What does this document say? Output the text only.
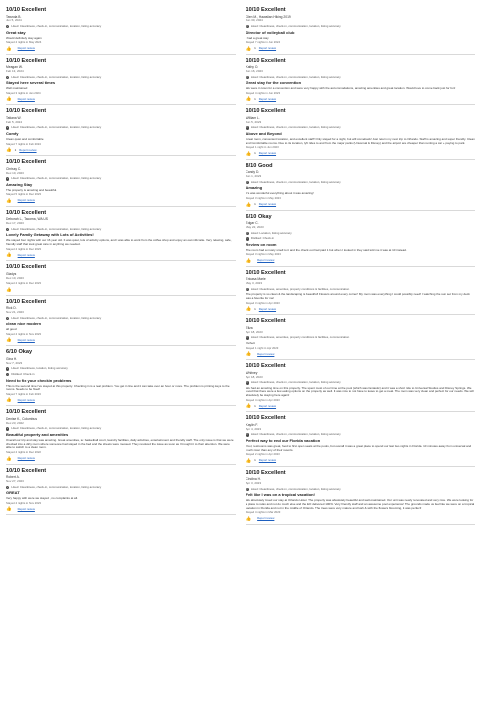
10/10 Excellent
Tawnda B.
Jun 5, 2024
✓ Liked: Cleanliness, check-in, communication, location, listing accuracy
Great stay
Would definitely stay again
Stayed 4 nights in May 2024
👍 Report review
10/10 Excellent
Meagan W.
Feb 13, 2024
✓ Liked: Cleanliness, check-in, communication, location, listing accuracy
Stayed here several times
Well maintained
Stayed 3 nights in Jan 2024
👍 Report review
10/10 Excellent
Tatiana W.
Feb 5, 2024
✓ Liked: Cleanliness, check-in, communication, location, listing accuracy
Comfy
Clean quiet and comfortable
Stayed 7 nights in Feb 2024
👍 1 Report review
10/10 Excellent
Chrissy C.
Dec 10, 2023
✓ Liked: Cleanliness, check-in, communication, location, listing accuracy
Amazing Stay
The property is amazing and beautiful.
Stayed 5 nights in Dec 2023
👍 Report review
10/10 Excellent
Deborah L., Tacoma, WA US
Dec 17, 2023
✓ Liked: Cleanliness, check-in, communication, location, listing accuracy
Lovely Family Getaway with Lots of Activities!
We stayed four nights with our 16 year old. It was quiet, lots of activity options, and I was able to work from the coffee shop and enjoy an oat milk latte. Very relaxing, safe, friendly staff that took great care in anything we needed.
Stayed 4 nights in Dec 2023
👍 Report review
10/10 Excellent
Gladys
Dec 10, 2023
Stayed 4 nights in Dec 2023
👍
10/10 Excellent
Rick D.
Nov 21, 2023
✓ Liked: Cleanliness, check-in, communication, location, listing accuracy
clean nice modern
all good
Stayed 4 nights in Nov 2023
👍 Report review
6/10 Okay
Gina H.
Nov 7, 2023
✓ Liked: Cleanliness, location, listing accuracy
−	Disliked: Check-in
Need to fix your checkin problems
This is the second time I've stayed at this property. Checking in is a real problem. You get in line and it can take over an hour or more. The problem is printing keys to the rooms. Needs to be fixed!
Stayed 7 nights in Feb 2023
👍 Report review
10/10 Excellent
Denise K., Columbus
Dec 23, 2022
✓ Liked: Cleanliness, check-in, communication, location, listing accuracy
Beautiful property and amenities
Overall our trip and stay was amazing. Great amenities, ie: basketball court, laundry facilities, daily activities, entertainment and friendly staff. The only issue is that we were checked into a dirty room where someone had stayed in the bed and the sheets were messed. They resolved the issue as soon as I brought it to their attention. We were able to switch to a clean room.
Stayed 4 nights in Dec 2022
👍 Report review
10/10 Excellent
Robert A.
Nov 27, 2023
✓ Liked: Cleanliness, check-in, communication, location, listing accuracy
GREAT
Very happy with were we stayed , no complaints at all.
Stayed 4 nights in Nov 2023
👍 Report review
10/10 Excellent
Glen M., Hawaiian Hiking 2019
Jun 30, 2024
✓ Liked: Cleanliness, check-in, communication, location, listing accuracy
Director of volleyball club
I had a great stay
Stayed 7 nights in Jun 2024
👍 1 Report review
10/10 Excellent
Kathy O.
Jun 16, 2023
✓ Liked: Cleanliness, check-in, communication, location, listing accuracy
Great stay for the convention
We were in town for a convention and were very happy with the accommodations, amazing amenities and great location. Would love to come back just for fun!
Stayed 4 nights in Jun 2023
👍 1 Report review
10/10 Excellent
William L.
Jun 5, 2023
✓ Liked: Cleanliness, check-in, communication, location, listing accuracy
Above and Beyond
Great room, convenient location, and excellent staff! Only stayed for a night, but will comeback! Just return my next trip to Orlando. Staff is amazing and super friendly. Clean and Comfortable rooms. Due to its location, lyft rides to and from the major parks (Universal & Disney) and the airport are cheaper than renting a car + paying to park.
Stayed 1 night in Jun 2023
👍 1 Report review
8/10 Good
Candy D.
Jun 1, 2023
✓ Liked: Cleanliness, check-in, communication, location, listing accuracy
Amazing
It's was wonderful everything about it was amazing!
Stayed 3 nights in May 2023
👍 1 Report review
6/10 Okay
Edgar C.
May 22, 2023
✓ Liked: Location, listing accuracy
−	Disliked: Check-in
Review on room
The room had a musty smell to it and the check out had paid 1 but when I looked in they said told me it was at 10 instead.
Stayed 3 nights in May 2023
👍 Report review
10/10 Excellent
Ericasa Marie
May 3, 2023
✓ Liked: Cleanliness, amenities, property conditions & facilities, communication
The property is so clean & the landscaping is beautiful! Flowers around every corner! My room was everything I could possibly need! I watching the sun set from my deck was a favorite for me!
Stayed 3 nights in Apr 2023
👍 1 Report review
10/10 Excellent
Eliza
Apr 18, 2023
✓ Liked: Cleanliness, amenities, property conditions & facilities, communication
Perfect
Stayed 1 night in Apr 2023
👍 Report review
10/10 Excellent
Whitney
Apr 18, 2023
✓ Liked: Cleanliness, check-in, communication, location, listing accuracy
We had an amazing time on this property. The spent most of our time at the pool (which was fantastic) and it was a short ride to Universal Studios and Disney Springs. We loved that there were a few eating options on the property as well. It was nice to not have to leave to get a meal. The room was very clean and perfect for our needs. We will absolutely be staying here again!
Stayed 4 nights in Apr 2023
👍 1 Report review
10/10 Excellent
Kaylin F.
Apr 4, 2023
✓ Liked: Cleanliness, check-in, communication, location, listing accuracy
Perfect way to end our Florida vacation
Pool, restrooms was great, food to first open seats at the pools, but overall it was a great place to spend our last two nights in Florida. 10 minutes away from universal and much nicer than any of their resorts.
Stayed 2 nights in Apr 2023
👍 1 Report review
10/10 Excellent
Cindina H.
Apr 3, 2023
✓ Liked: Cleanliness, check-in, communication, location, listing accuracy
Felt like I was on a tropical vacation!
We absolutely loved our stay at Orlando Hotel. The property was absolutely beautiful and well-maintained. Our unit was newly renovated and very nice. We were looking for a place to relax and not do much else and the EO delivered 100%. Very friendly staff and an awesome pool experience! The grounds made us feel like we were on a tropical vacation in Florida and not in the middle of Orlando. The trees were very mature and lush & with the flowers blooming, it was perfect!
Stayed 4 nights in Mar 2023
👍 Report review
